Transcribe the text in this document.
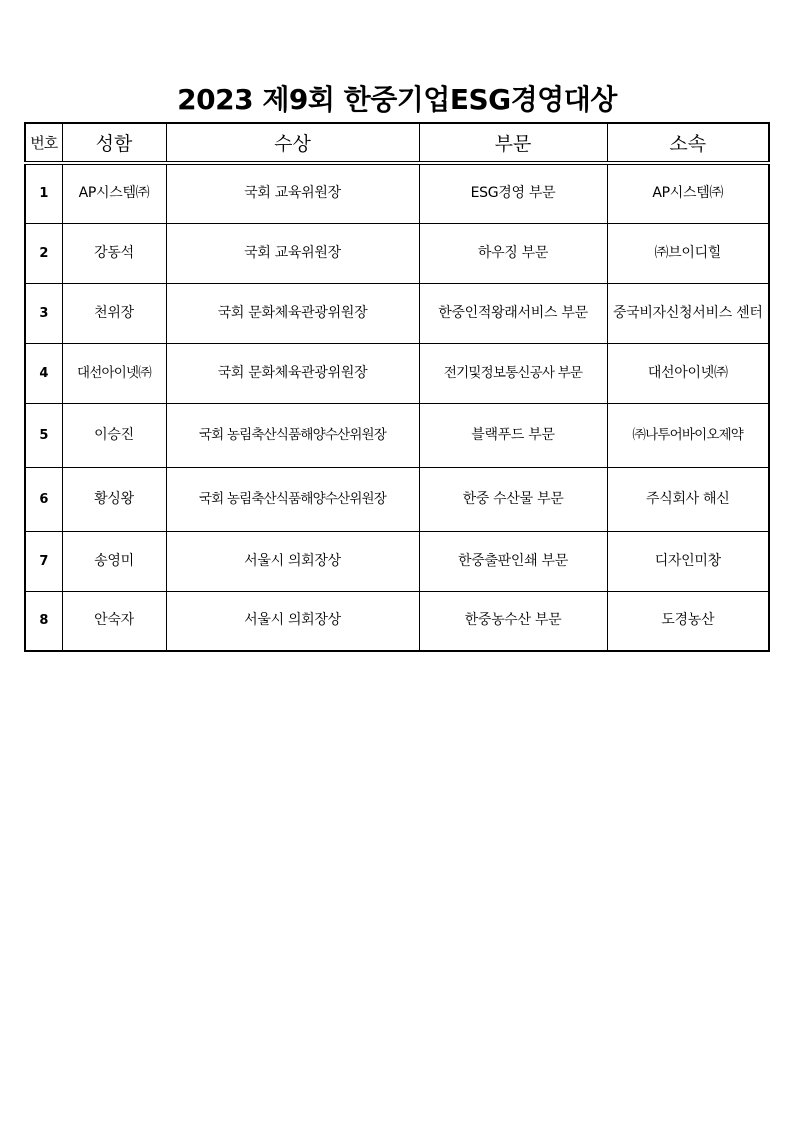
2023 제9회 한중기업ESG경영대상
번호	성함	수상	부문	소속
1	AP시스템㈜	국회 교육위원장	ESG경영 부문	AP시스템㈜
2	강동석	국회 교육위원장	하우징 부문	㈜브이디힐
3	천위장	국회 문화체육관광위원장	한중인적왕래서비스 부문	중국비자신청서비스 센터
4	대선아이넷㈜	국회 문화체육관광위원장	전기및정보통신공사 부문	대선아이넷㈜
5	이승진	국회 농림축산식품해양수산위원장	블랙푸드 부문	㈜나투어바이오제약
6	황싱왕	국회 농림축산식품해양수산위원장	한중 수산물 부문	주식회사 해신
7	송영미	서울시 의회장상	한중출판인쇄 부문	디자인미창
8	안숙자	서울시 의회장상	한중농수산 부문	도경농산
